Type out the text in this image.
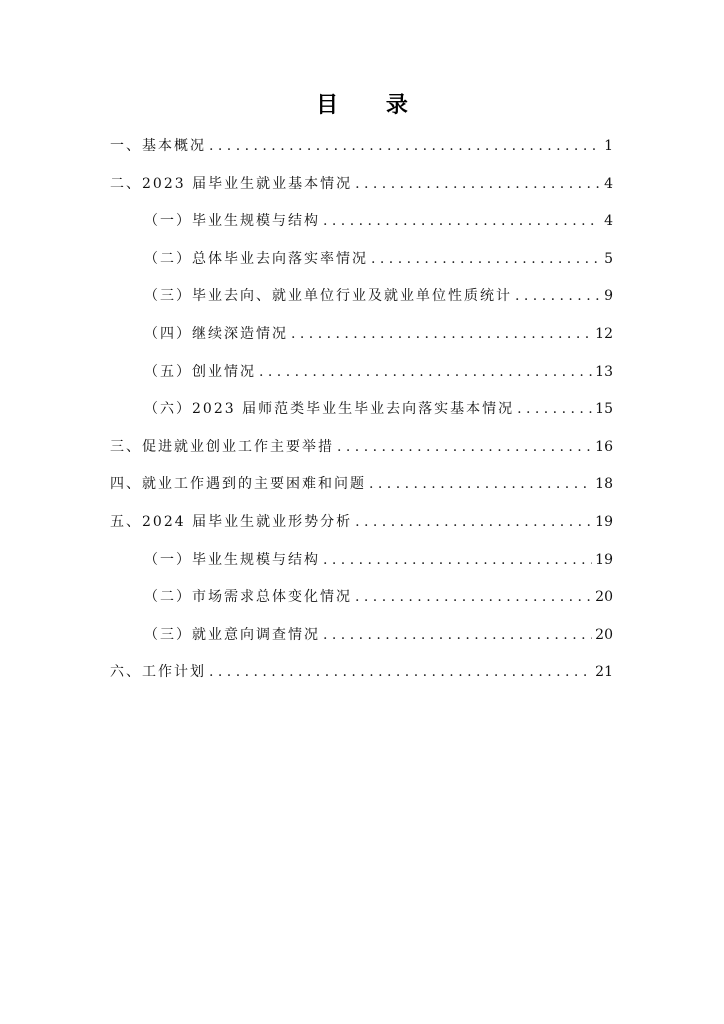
目 录
一、基本概况 . . .	1
二、2023 届毕业生就业基本情况 . . .	4
（一）毕业生规模与结构 . . .	4
（二）总体毕业去向落实率情况 . . .	5
（三）毕业去向、就业单位行业及就业单位性质统计 . . .	9
（四）继续深造情况 . . .	12
（五）创业情况 . . .	13
（六）2023 届师范类毕业生毕业去向落实基本情况 . . .	15
三、促进就业创业工作主要举措 . . .	16
四、就业工作遇到的主要困难和问题 . . .	18
五、2024 届毕业生就业形势分析 . . .	19
（一）毕业生规模与结构 . . .	19
（二）市场需求总体变化情况 . . .	20
（三）就业意向调查情况 . . .	20
六、工作计划 . . .	21
